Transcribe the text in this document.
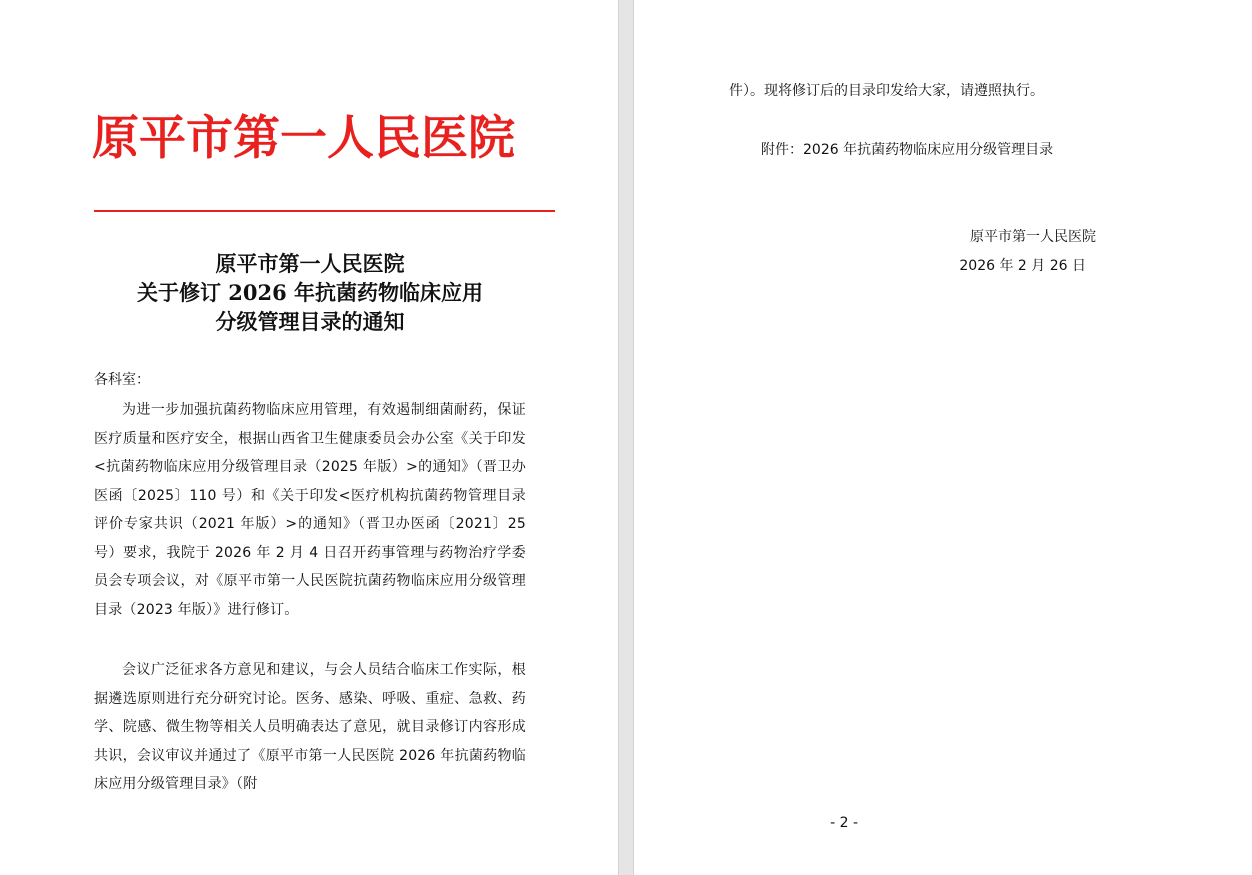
原平市第一人民医院
原平市第一人民医院
关于修订 2026 年抗菌药物临床应用
分级管理目录的通知
各科室：
为进一步加强抗菌药物临床应用管理，有效遏制细菌耐药，保证医疗质量和医疗安全，根据山西省卫生健康委员会办公室《关于印发<抗菌药物临床应用分级管理目录（2025 年版）>的通知》（晋卫办医函〔2025〕110 号）和《关于印发<医疗机构抗菌药物管理目录评价专家共识（2021 年版）>的通知》（晋卫办医函〔2021〕25 号）要求，我院于 2026 年 2 月 4 日召开药事管理与药物治疗学委员会专项会议，对《原平市第一人民医院抗菌药物临床应用分级管理目录（2023 年版）》进行修订。
会议广泛征求各方意见和建议，与会人员结合临床工作实际，根据遴选原则进行充分研究讨论。医务、感染、呼吸、重症、急救、药学、院感、微生物等相关人员明确表达了意见，就目录修订内容形成共识，会议审议并通过了《原平市第一人民医院 2026 年抗菌药物临床应用分级管理目录》（附
件）。现将修订后的目录印发给大家，请遵照执行。
附件：2026 年抗菌药物临床应用分级管理目录
原平市第一人民医院
2026 年 2 月 26 日
- 2 -
